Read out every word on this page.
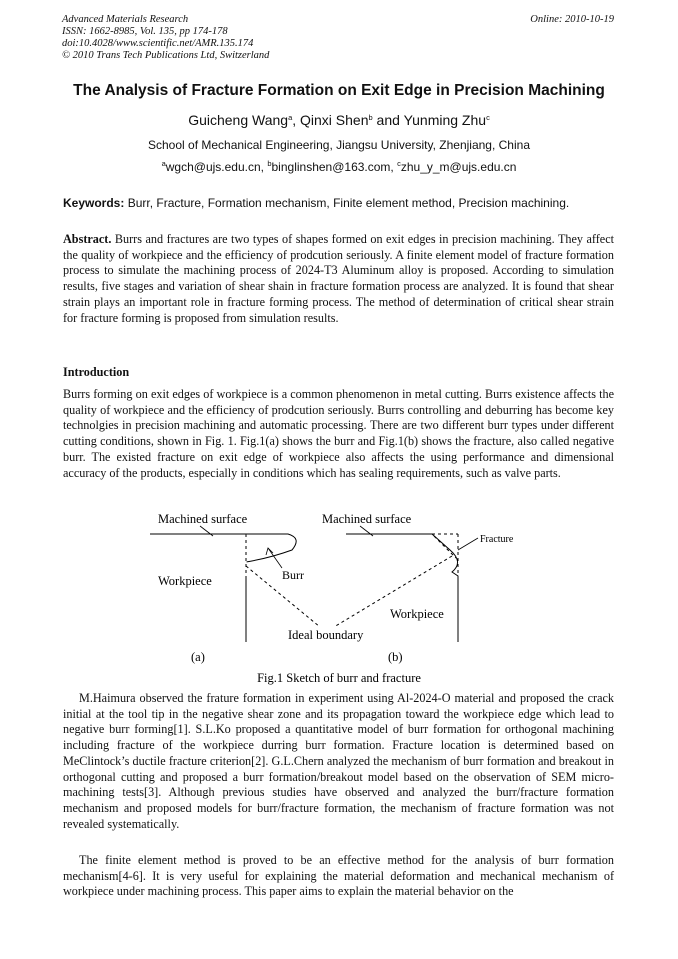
Advanced Materials Research
ISSN: 1662-8985, Vol. 135, pp 174-178
doi:10.4028/www.scientific.net/AMR.135.174
© 2010 Trans Tech Publications Ltd, Switzerland
Online: 2010-10-19
The Analysis of Fracture Formation on Exit Edge in Precision Machining
Guicheng Wang$^a$, Qinxi Shen$^b$ and Yunming Zhu$^c$
School of Mechanical Engineering, Jiangsu University, Zhenjiang, China
$^a$wgch@ujs.edu.cn, $^b$binglinshen@163.com, $^c$zhu_y_m@ujs.edu.cn
Keywords: Burr, Fracture, Formation mechanism, Finite element method, Precision machining.

Abstract. Burrs and fractures are two types of shapes formed on exit edges in precision machining. They affect the quality of workpiece and the efficiency of prodcution seriously. A finite element model of fracture formation process to simulate the machining process of 2024-T3 Aluminum alloy is proposed. According to simulation results, five stages and variation of shear shain in fracture formation process are analyzed. It is found that shear strain plays an important role in fracture forming process. The method of determination of critical shear strain for fracture forming is proposed from simulation results.

Introduction

Burrs forming on exit edges of workpiece is a common phenomenon in metal cutting. Burrs existence affects the quality of workpiece and the efficiency of prodcution seriously. Burrs controlling and deburring has become key technolgies in precision machining and automatic processing. There are two different burr types under different cutting conditions, shown in Fig. 1. Fig.1(a) shows the burr and Fig.1(b) shows the fracture, also called negative burr. The existed fracture on exit edge of workpiece also affects the using performance and dimensional accuracy of the products, especially in conditions which has sealing requirements, such as valve parts.

Machined surface
Workpiece	Burr
(a)
Machined surface
Fracture
Workpiece
(b)
Ideal boundary
Fig.1 Sketch of burr and fracture

M.Haimura observed the frature formation in experiment using Al-2024-O material and proposed the crack initial at the tool tip in the negative shear zone and its propagation toward the workpiece edge which lead to negative burr forming[1]. S.L.Ko proposed a quantitative model of burr formation for orthogonal machining including fracture of the workpiece durring burr formation. Fracture location is determined based on MeClintock’s ductile fracture criterion[2]. G.L.Chern analyzed the mechanism of burr formation and breakout in orthogonal cutting and proposed a burr formation/breakout model based on the observation of SEM micro-machining tests[3]. Although previous studies have observed and analyzed the burr/fracture formation mechanism and proposed models for burr/fracture formation, the mechanism of fracture formation was not revealed systematically.

The finite element method is proved to be an effective method for the analysis of burr formation mechanism[4-6]. It is very useful for explaining the material deformation and mechanical mechanism of workpiece under machining process. This paper aims to explain the material behavior on the
